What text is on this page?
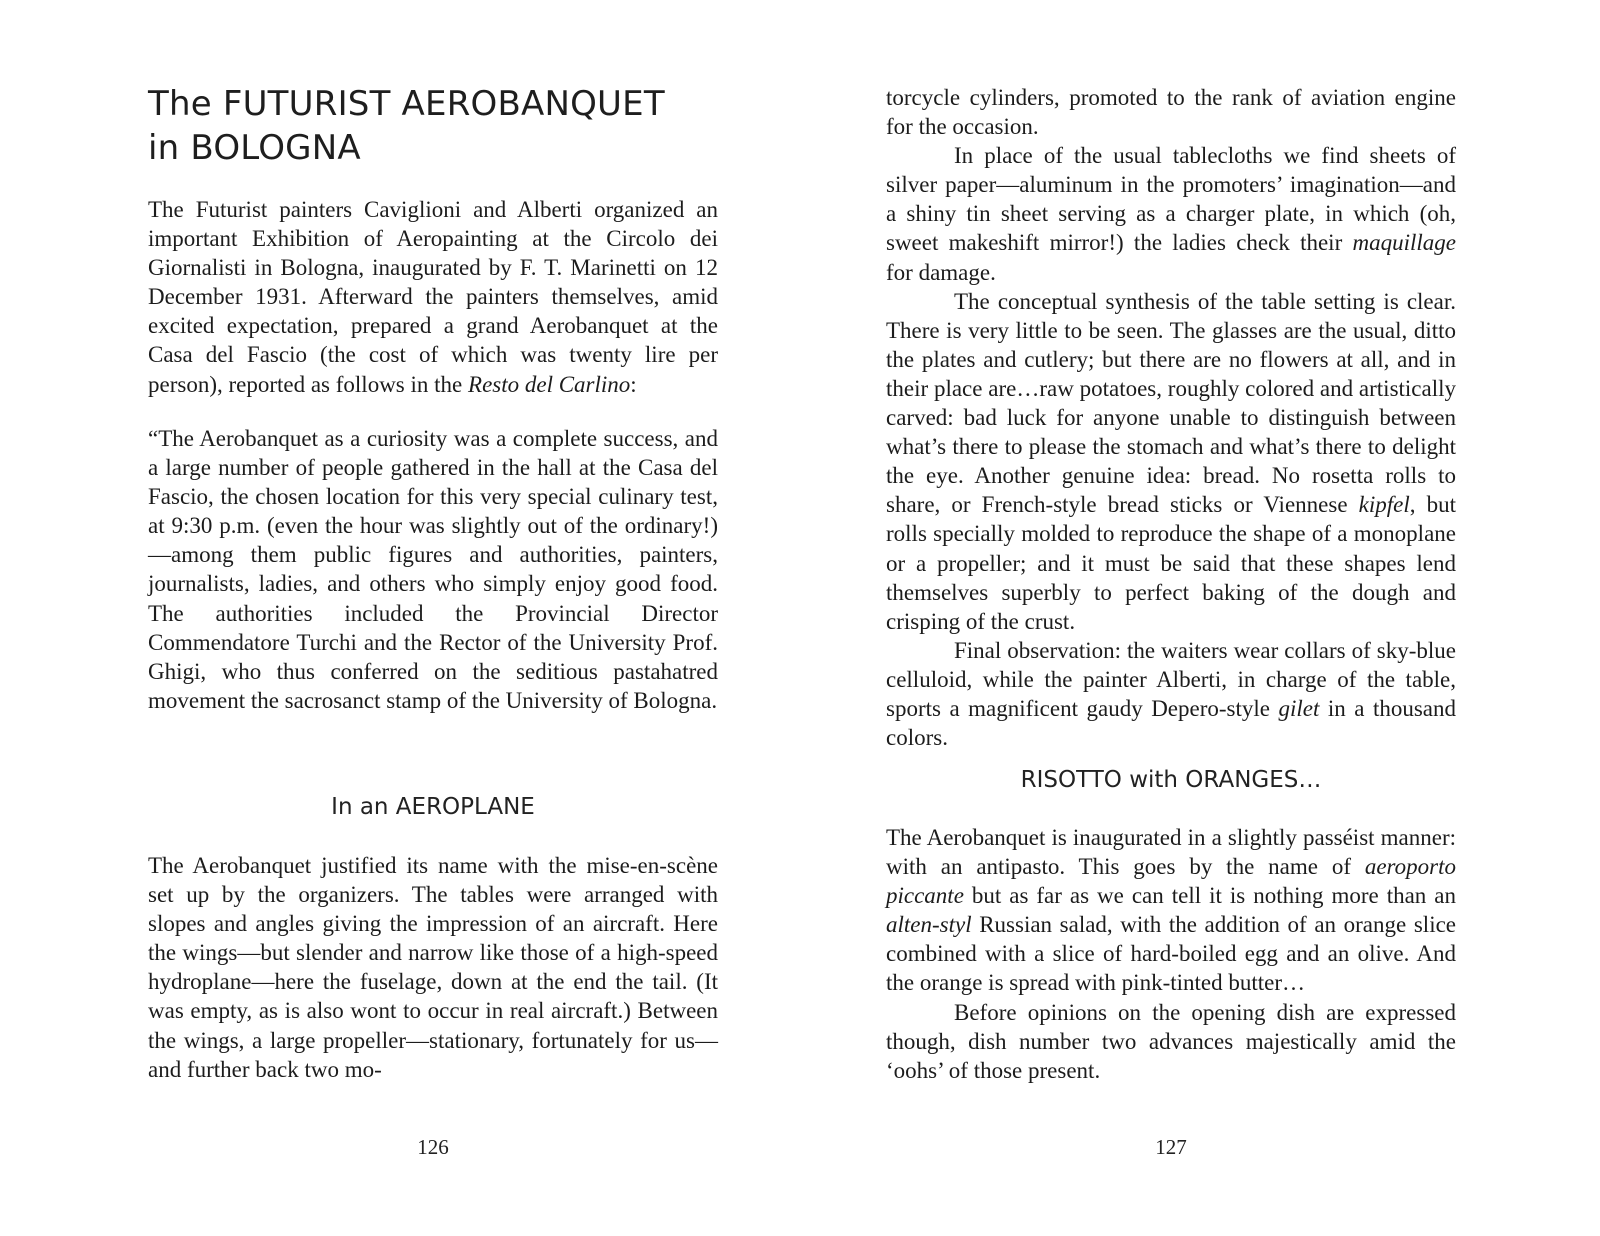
The FUTURIST AEROBANQUET
in BOLOGNA

The Futurist painters Caviglioni and Alberti organized an important Exhibition of Aeropainting at the Circolo dei Giornalisti in Bologna, inaugurated by F. T. Marinetti on 12 December 1931. Afterward the painters themselves, amid excited expectation, prepared a grand Aerobanquet at the Casa del Fascio (the cost of which was twenty lire per person), reported as follows in the Resto del Carlino:

“The Aerobanquet as a curiosity was a complete success, and a large number of people gathered in the hall at the Casa del Fascio, the chosen location for this very special culinary test, at 9:30 p.m. (even the hour was slightly out of the ordinary!)—among them public figures and authorities, painters, journalists, ladies, and others who simply enjoy good food. The authorities included the Provincial Director Commendatore Turchi and the Rector of the University Prof. Ghigi, who thus conferred on the seditious pastahatred movement the sacrosanct stamp of the University of Bologna.

In an AEROPLANE

The Aerobanquet justified its name with the mise-en-scène set up by the organizers. The tables were arranged with slopes and angles giving the impression of an aircraft. Here the wings—but slender and narrow like those of a high-speed hydroplane—here the fuselage, down at the end the tail. (It was empty, as is also wont to occur in real aircraft.) Between the wings, a large propeller—stationary, fortunately for us—and further back two mo-

126

torcycle cylinders, promoted to the rank of aviation engine for the occasion.

In place of the usual tablecloths we find sheets of silver paper—aluminum in the promoters’ imagination—and a shiny tin sheet serving as a charger plate, in which (oh, sweet makeshift mirror!) the ladies check their maquillage for damage.

The conceptual synthesis of the table setting is clear. There is very little to be seen. The glasses are the usual, ditto the plates and cutlery; but there are no flowers at all, and in their place are…raw potatoes, roughly colored and artistically carved: bad luck for anyone unable to distinguish between what’s there to please the stomach and what’s there to delight the eye. Another genuine idea: bread. No rosetta rolls to share, or French-style bread sticks or Viennese kipfel, but rolls specially molded to reproduce the shape of a monoplane or a propeller; and it must be said that these shapes lend themselves superbly to perfect baking of the dough and crisping of the crust.

Final observation: the waiters wear collars of sky-blue celluloid, while the painter Alberti, in charge of the table, sports a magnificent gaudy Depero-style gilet in a thousand colors.

RISOTTO with ORANGES…

The Aerobanquet is inaugurated in a slightly passéist manner: with an antipasto. This goes by the name of aeroporto piccante but as far as we can tell it is nothing more than an alten-styl Russian salad, with the addition of an orange slice combined with a slice of hard-boiled egg and an olive. And the orange is spread with pink-tinted butter…

Before opinions on the opening dish are expressed though, dish number two advances majestically amid the ‘oohs’ of those present.

127
